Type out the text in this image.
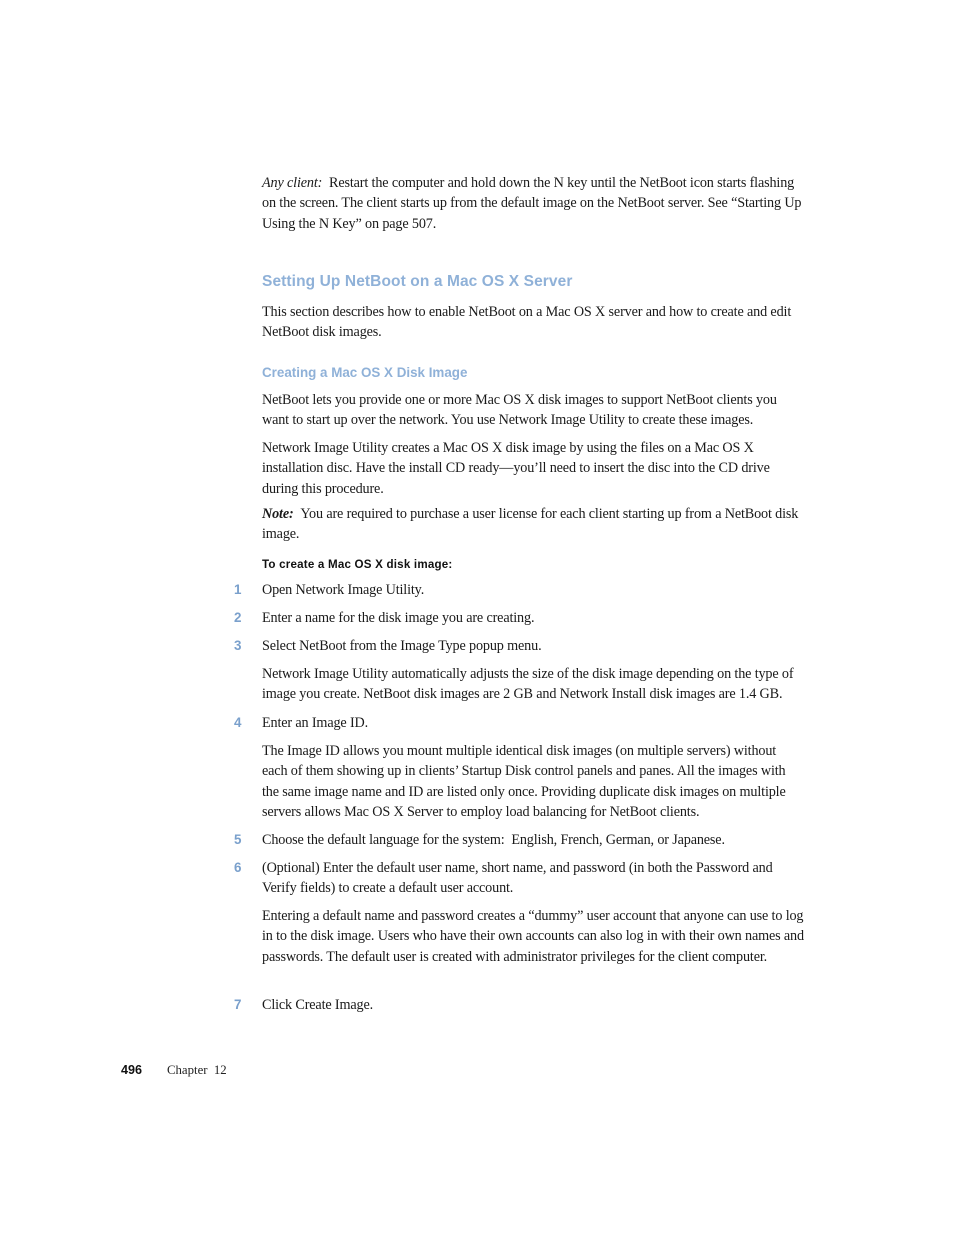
Any client: Restart the computer and hold down the N key until the NetBoot icon starts flashing on the screen. The client starts up from the default image on the NetBoot server. See “Starting Up Using the N Key” on page 507.

Setting Up NetBoot on a Mac OS X Server

This section describes how to enable NetBoot on a Mac OS X server and how to create and edit NetBoot disk images.

Creating a Mac OS X Disk Image

NetBoot lets you provide one or more Mac OS X disk images to support NetBoot clients you want to start up over the network. You use Network Image Utility to create these images.

Network Image Utility creates a Mac OS X disk image by using the files on a Mac OS X installation disc. Have the install CD ready—you’ll need to insert the disc into the CD drive during this procedure.

Note: You are required to purchase a user license for each client starting up from a NetBoot disk image.

To create a Mac OS X disk image:
1	Open Network Image Utility.

2	Enter a name for the disk image you are creating.

3	Select NetBoot from the Image Type popup menu.

Network Image Utility automatically adjusts the size of the disk image depending on the type of image you create. NetBoot disk images are 2 GB and Network Install disk images are 1.4 GB.

4	Enter an Image ID.

The Image ID allows you mount multiple identical disk images (on multiple servers) without each of them showing up in clients’ Startup Disk control panels and panes. All the images with the same image name and ID are listed only once. Providing duplicate disk images on multiple servers allows Mac OS X Server to employ load balancing for NetBoot clients.

5	Choose the default language for the system:  English, French, German, or Japanese.

6	(Optional) Enter the default user name, short name, and password (in both the Password and Verify fields) to create a default user account.

Entering a default name and password creates a “dummy” user account that anyone can use to log in to the disk image. Users who have their own accounts can also log in with their own names and passwords. The default user is created with administrator privileges for the client computer.

7	Click Create Image.

496 Chapter  12
